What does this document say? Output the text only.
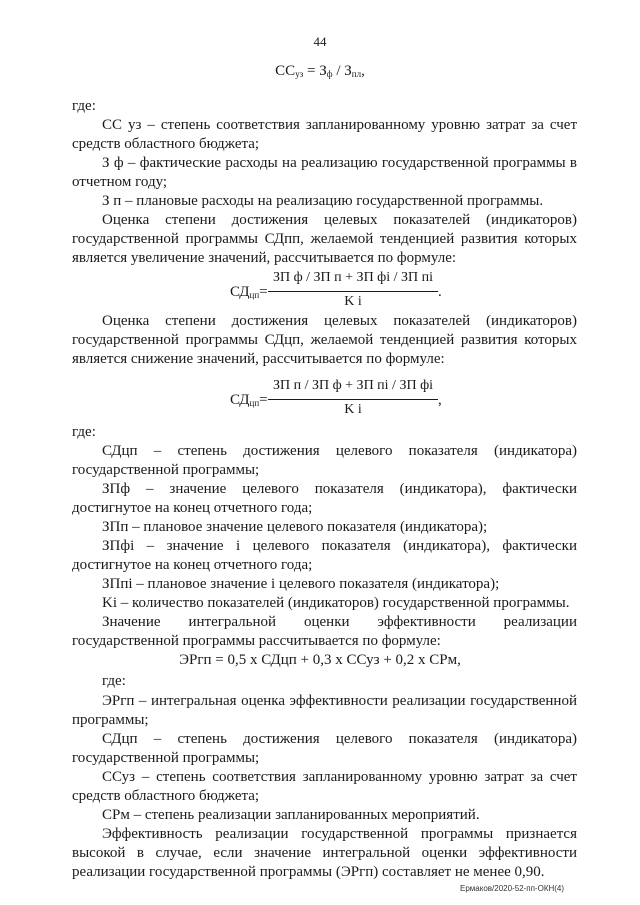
44
$СС_{уз} = З_ф / З_{пл}$,
где:
СС уз – степень соответствия запланированному уровню затрат за счет
средств областного бюджета;
З ф – фактические расходы на реализацию государственной программы в
отчетном году;
З п – плановые расходы на реализацию государственной программы.
Оценка степени достижения целевых показателей (индикаторов)
государственной программы СДпп, желаемой тенденцией развития которых
является увеличение значений, рассчитывается по формуле:
$СД_{цп}=$
ЗП ф / ЗП п + ЗП фi / ЗП пi
K i
.
Оценка степени достижения целевых показателей (индикаторов)
государственной программы СДцп, желаемой тенденцией развития которых
является снижение значений, рассчитывается по формуле:
$СД_{цп}=$
ЗП п / ЗП ф + ЗП пi / ЗП фi
K i
,
где:
СДцп – степень достижения целевого показателя (индикатора)
государственной программы;
ЗПф – значение целевого показателя (индикатора), фактически
достигнутое на конец отчетного года;
ЗПп – плановое значение целевого показателя (индикатора);
ЗПфi – значение i целевого показателя (индикатора), фактически
достигнутое на конец отчетного года;
ЗПпi – плановое значение i целевого показателя (индикатора);
Ki – количество показателей (индикаторов) государственной программы.
Значение интегральной оценки эффективности реализации
государственной программы рассчитывается по формуле:
ЭРгп = 0,5 х СДцп + 0,3 х ССуз + 0,2 х СРм,
где:
ЭРгп – интегральная оценка эффективности реализации государственной
программы;
СДцп – степень достижения целевого показателя (индикатора)
государственной программы;
ССуз – степень соответствия запланированному уровню затрат за счет
средств областного бюджета;
СРм – степень реализации запланированных мероприятий.
Эффективность реализации государственной программы признается
высокой в случае, если значение интегральной оценки эффективности
реализации государственной программы (ЭРгп) составляет не менее 0,90.
Ермаков/2020-52-пп-ОКН(4)
